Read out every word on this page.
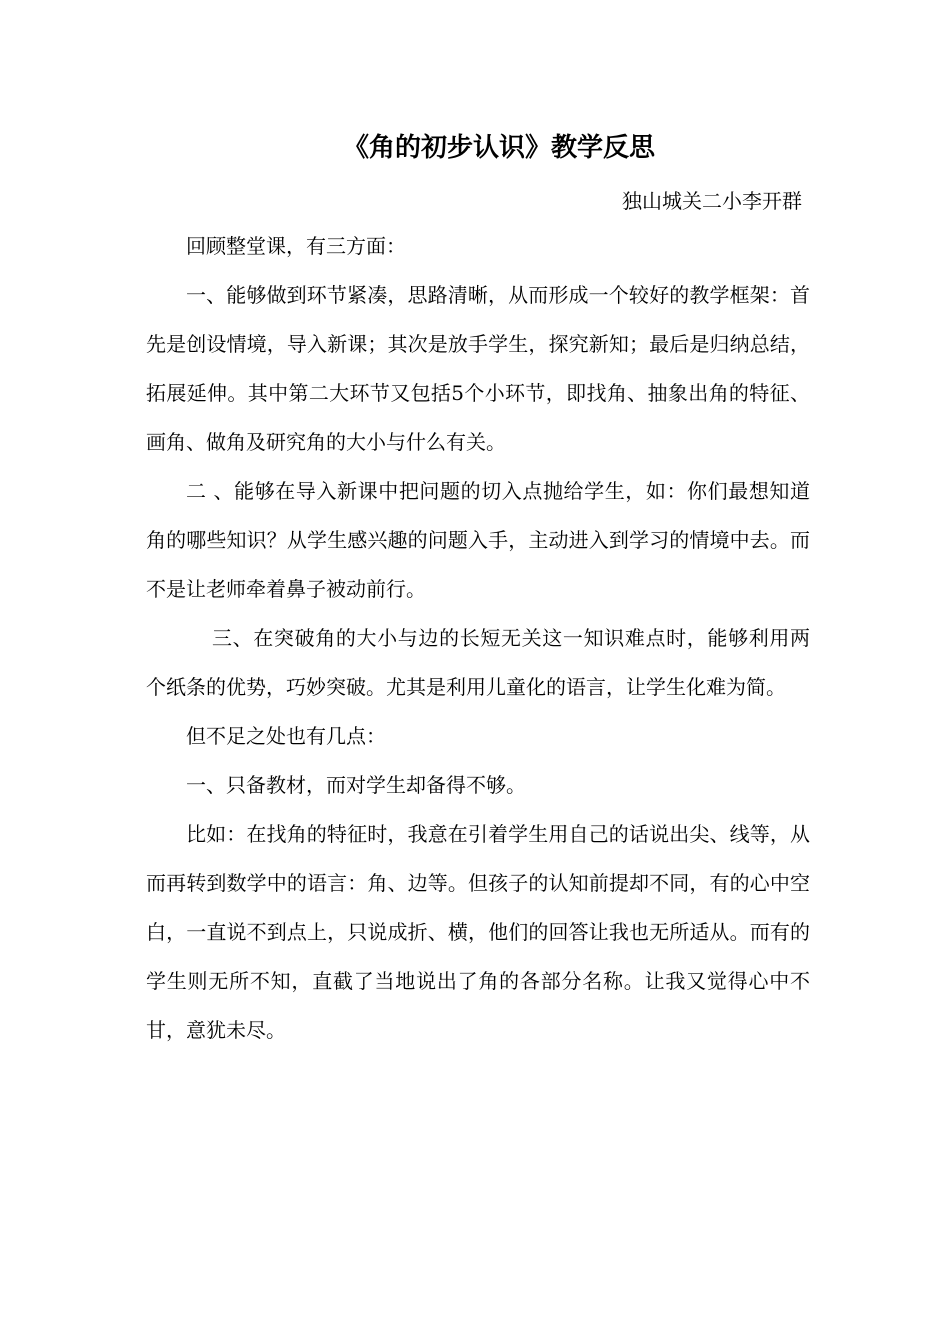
《角的初步认识》教学反思

独山城关二小李开群

回顾整堂课，有三方面：

一、能够做到环节紧凑，思路清晰，从而形成一个较好的教学框架：首先是创设情境，导入新课；其次是放手学生，探究新知；最后是归纳总结，拓展延伸。其中第二大环节又包括5个小环节，即找角、抽象出角的特征、画角、做角及研究角的大小与什么有关。

二 、能够在导入新课中把问题的切入点抛给学生，如：你们最想知道角的哪些知识？从学生感兴趣的问题入手，主动进入到学习的情境中去。而不是让老师牵着鼻子被动前行。

三、在突破角的大小与边的长短无关这一知识难点时，能够利用两个纸条的优势，巧妙突破。尤其是利用儿童化的语言，让学生化难为简。

但不足之处也有几点：

一、只备教材，而对学生却备得不够。

比如：在找角的特征时，我意在引着学生用自己的话说出尖、线等，从而再转到数学中的语言：角、边等。但孩子的认知前提却不同，有的心中空白，一直说不到点上，只说成折、横，他们的回答让我也无所适从。而有的学生则无所不知，直截了当地说出了角的各部分名称。让我又觉得心中不甘，意犹未尽。
